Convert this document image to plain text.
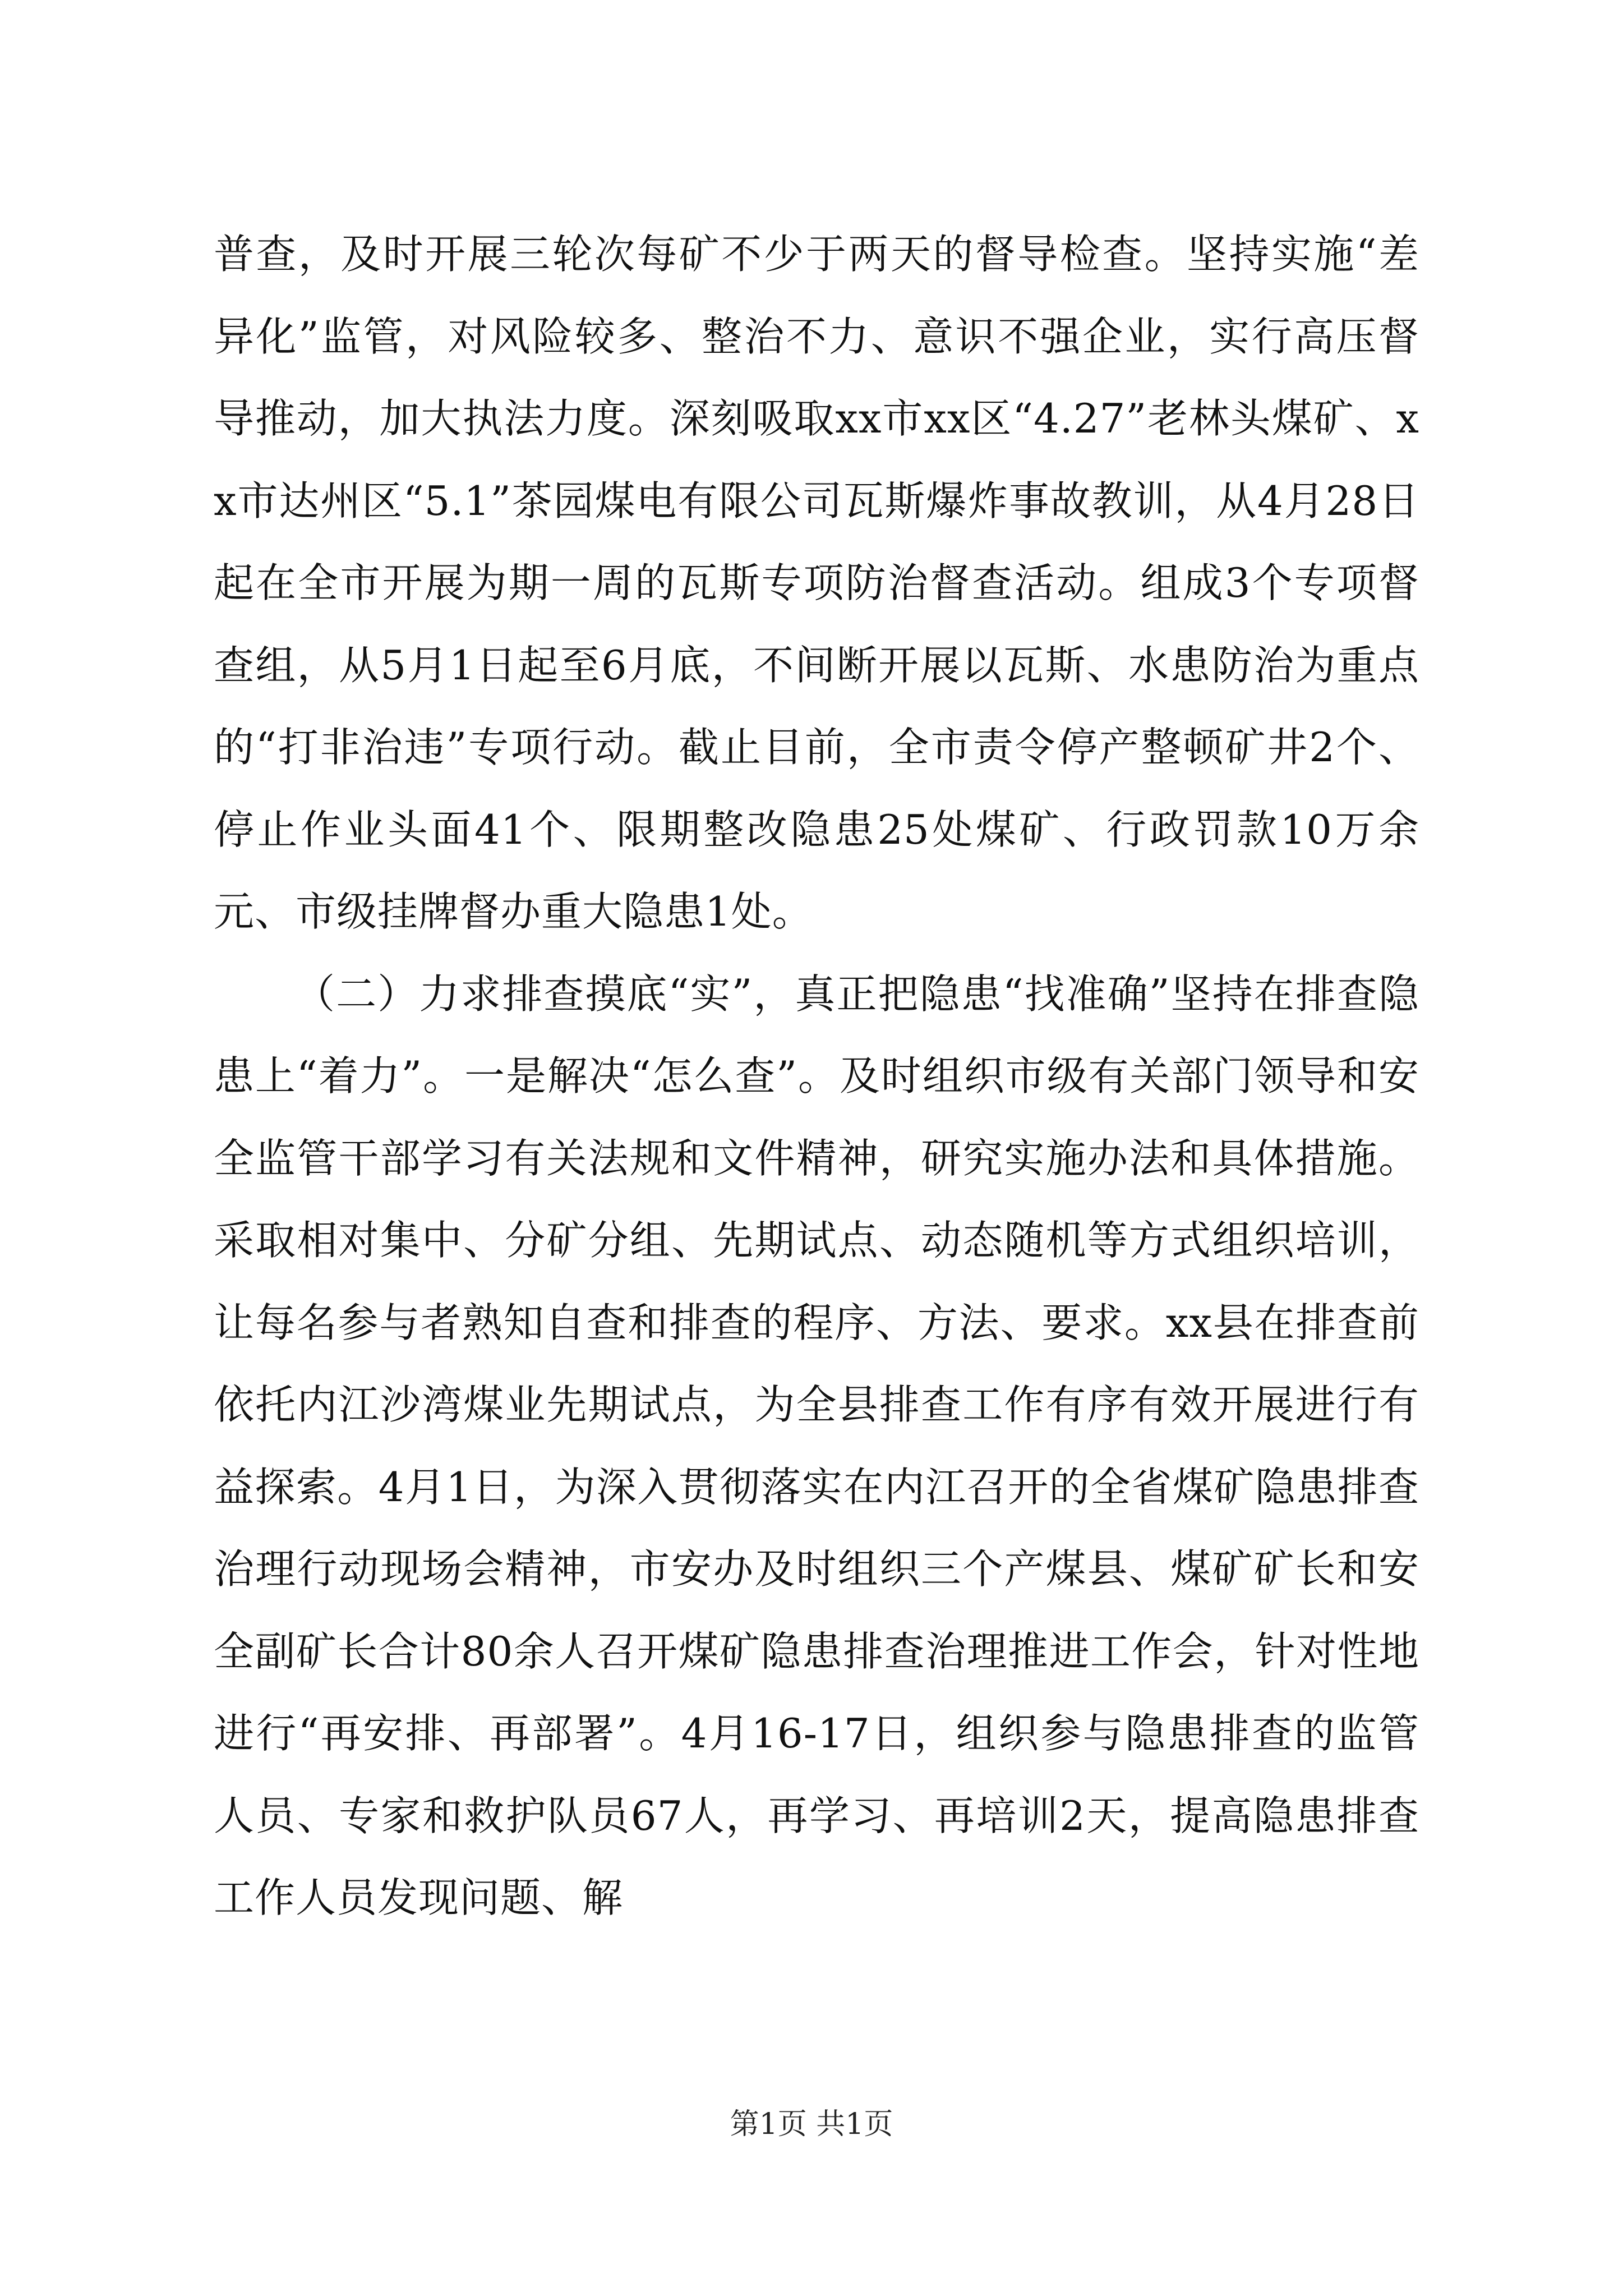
普查，及时开展三轮次每矿不少于两天的督导检查。坚持实施“差异化”监管，对风险较多、整治不力、意识不强企业，实行高压督导推动，加大执法力度。深刻吸取xx市xx区“4.27”老林头煤矿、xx市达州区“5.1”茶园煤电有限公司瓦斯爆炸事故教训，从4月28日起在全市开展为期一周的瓦斯专项防治督查活动。组成3个专项督查组，从5月1日起至6月底，不间断开展以瓦斯、水患防治为重点的“打非治违”专项行动。截止目前，全市责令停产整顿矿井2个、停止作业头面41个、限期整改隐患25处煤矿、行政罚款10万余元、市级挂牌督办重大隐患1处。

（二）力求排查摸底“实”，真正把隐患“找准确”坚持在排查隐患上“着力”。一是解决“怎么查”。及时组织市级有关部门领导和安全监管干部学习有关法规和文件精神，研究实施办法和具体措施。采取相对集中、分矿分组、先期试点、动态随机等方式组织培训，让每名参与者熟知自查和排查的程序、方法、要求。xx县在排查前依托内江沙湾煤业先期试点，为全县排查工作有序有效开展进行有益探索。4月1日，为深入贯彻落实在内江召开的全省煤矿隐患排查治理行动现场会精神，市安办及时组织三个产煤县、煤矿矿长和安全副矿长合计80余人召开煤矿隐患排查治理推进工作会，针对性地进行“再安排、再部署”。4月16-17日，组织参与隐患排查的监管人员、专家和救护队员67人，再学习、再培训2天，提高隐患排查工作人员发现问题、解

第1页 共1页
